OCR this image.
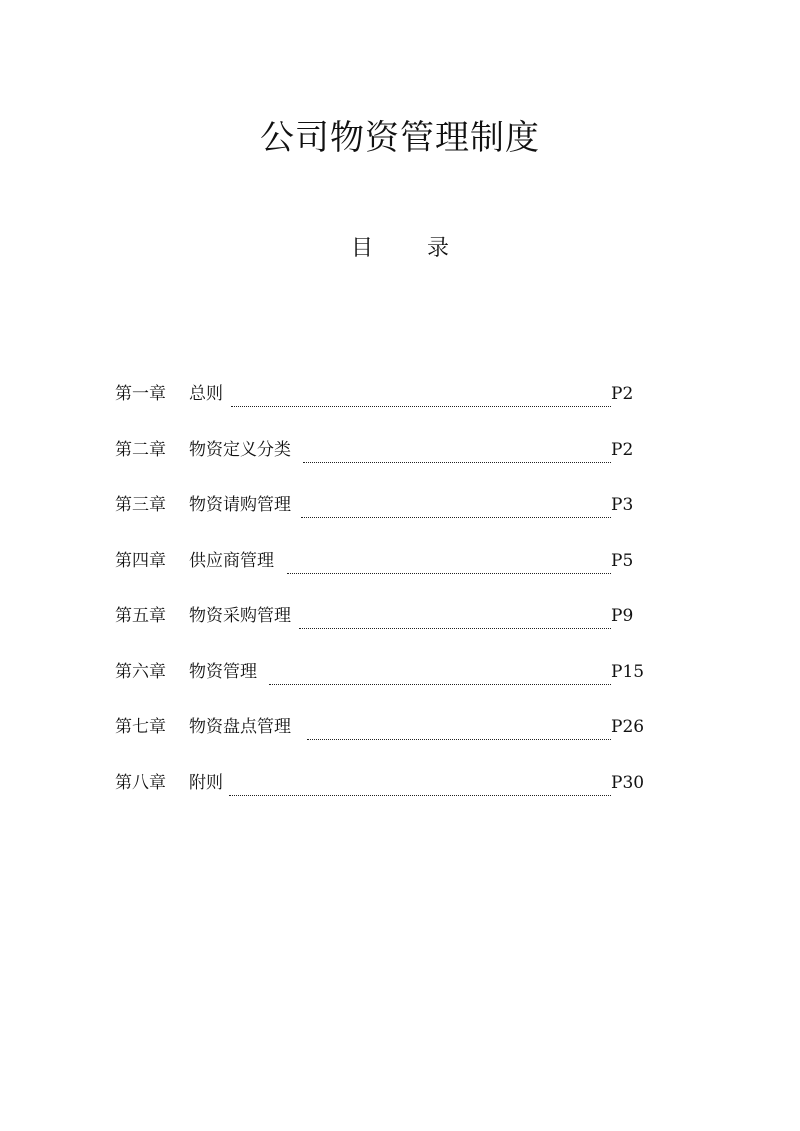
公司物资管理制度
目 录
第一章 总则	P2
第二章 物资定义分类	P2
第三章 物资请购管理	P3
第四章 供应商管理	P5
第五章 物资采购管理	P9
第六章 物资管理	P15
第七章 物资盘点管理	P26
第八章 附则	P30
